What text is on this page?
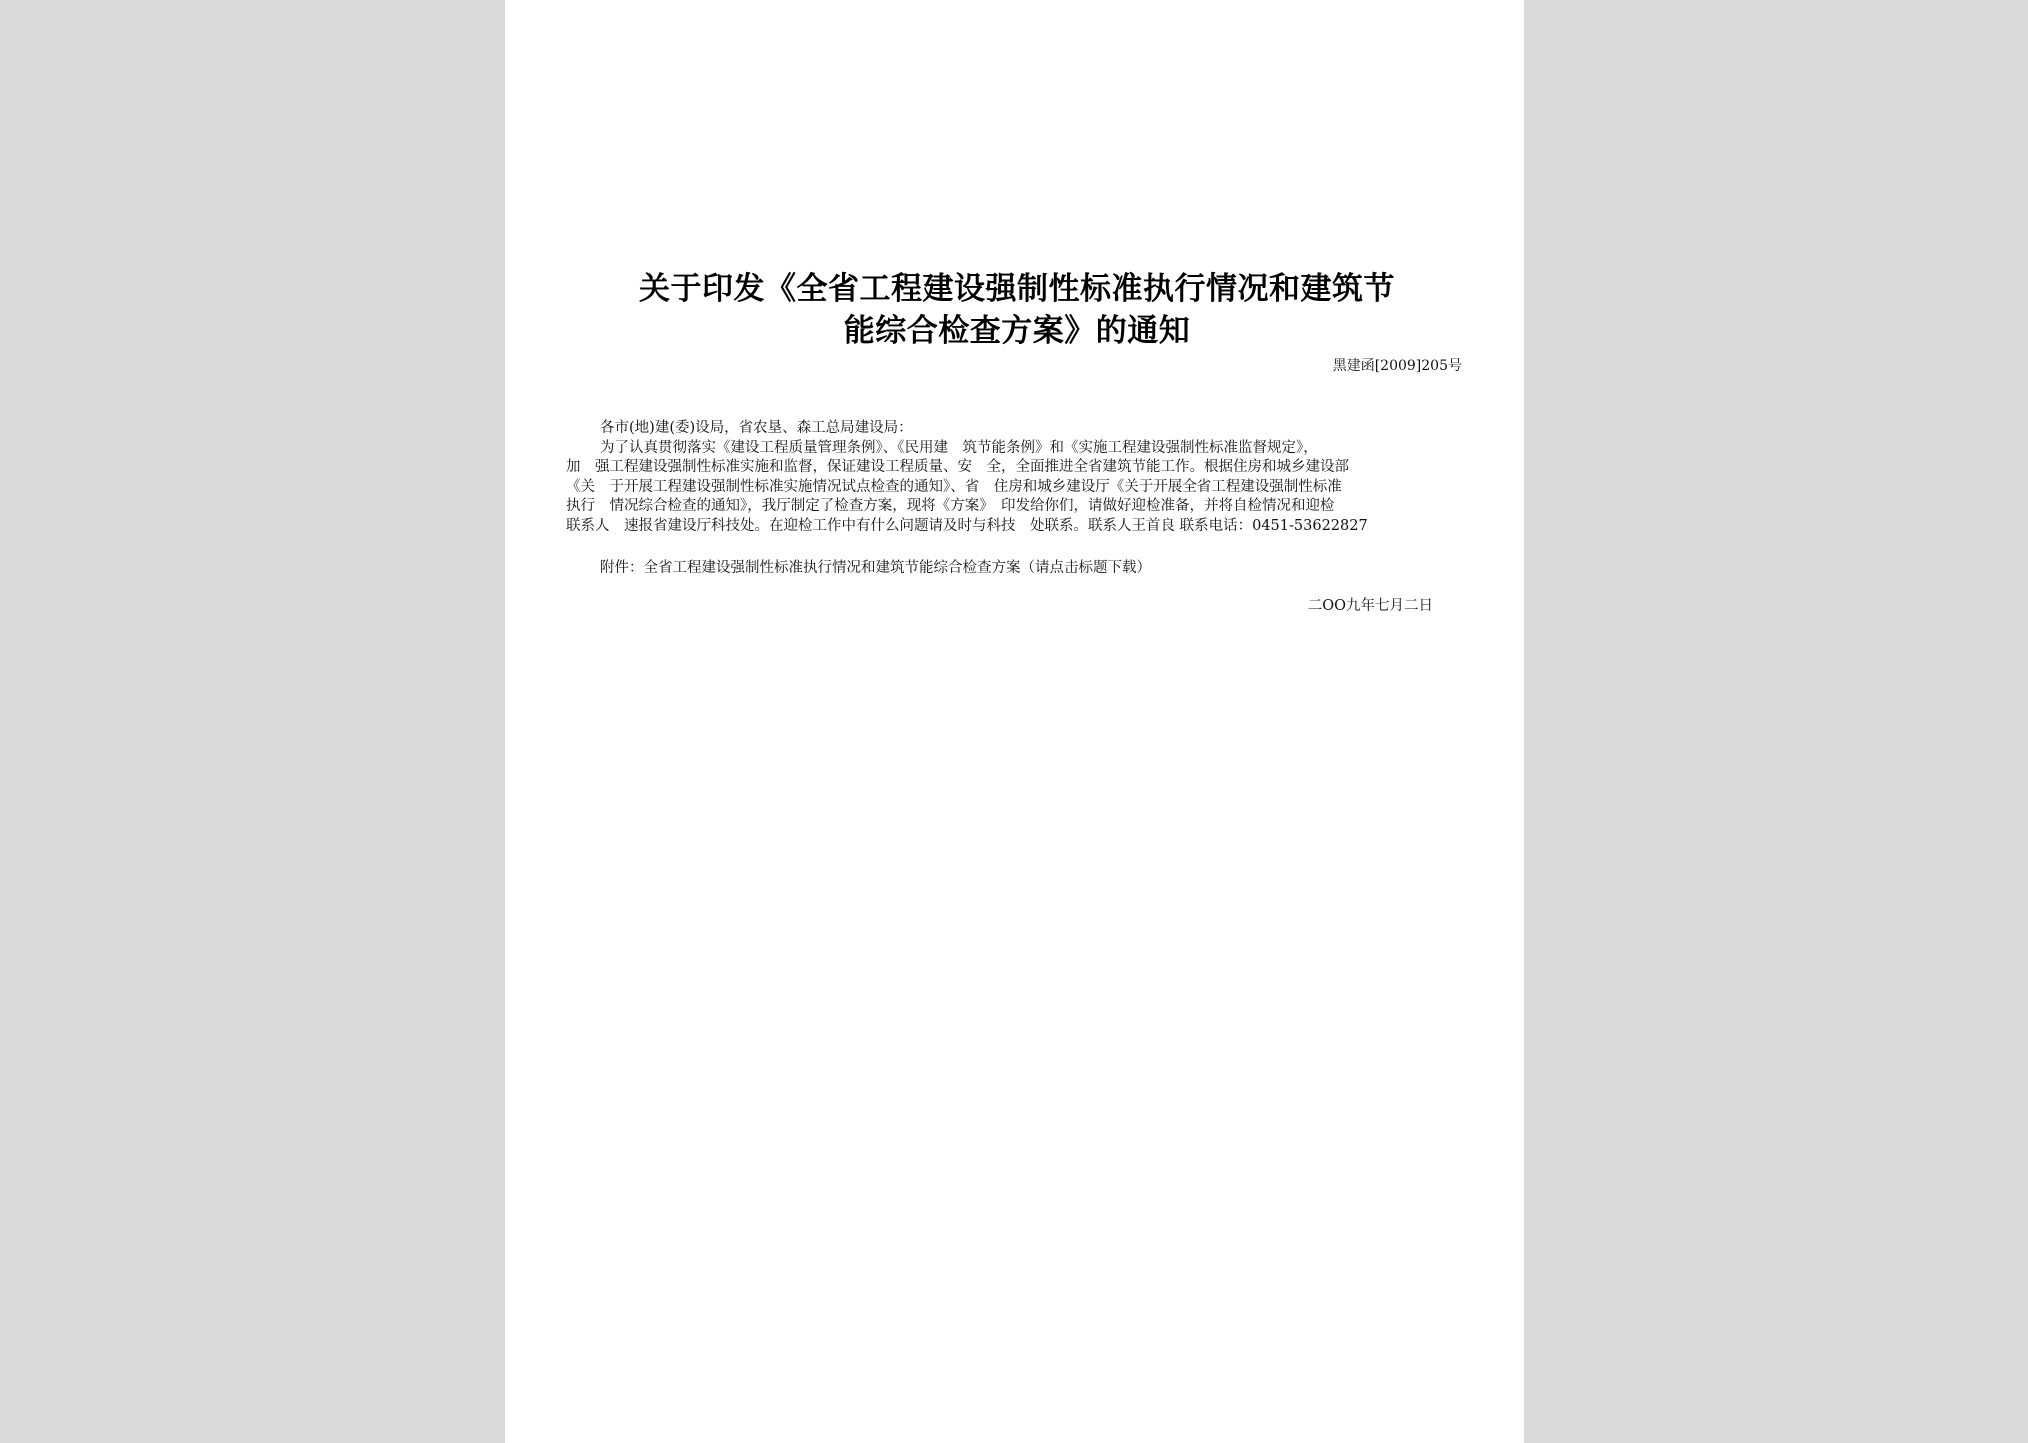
关于印发《全省工程建设强制性标准执行情况和建筑节
能综合检查方案》的通知
黑建函[2009]205号
各市(地)建(委)设局，省农垦、森工总局建设局：
为了认真贯彻落实《建设工程质量管理条例》、《民用建　筑节能条例》和《实施工程建设强制性标准监督规定》，
加　强工程建设强制性标准实施和监督，保证建设工程质量、安　全，全面推进全省建筑节能工作。根据住房和城乡建设部
《关　于开展工程建设强制性标准实施情况试点检查的通知》、省　住房和城乡建设厅《关于开展全省工程建设强制性标准
执行　情况综合检查的通知》，我厅制定了检查方案，现将《方案》　印发给你们，请做好迎检准备，并将自检情况和迎检
联系人　速报省建设厅科技处。在迎检工作中有什么问题请及时与科技　处联系。联系人王首良 联系电话：0451-53622827
附件：全省工程建设强制性标准执行情况和建筑节能综合检查方案（请点击标题下载）
二OO九年七月二日
